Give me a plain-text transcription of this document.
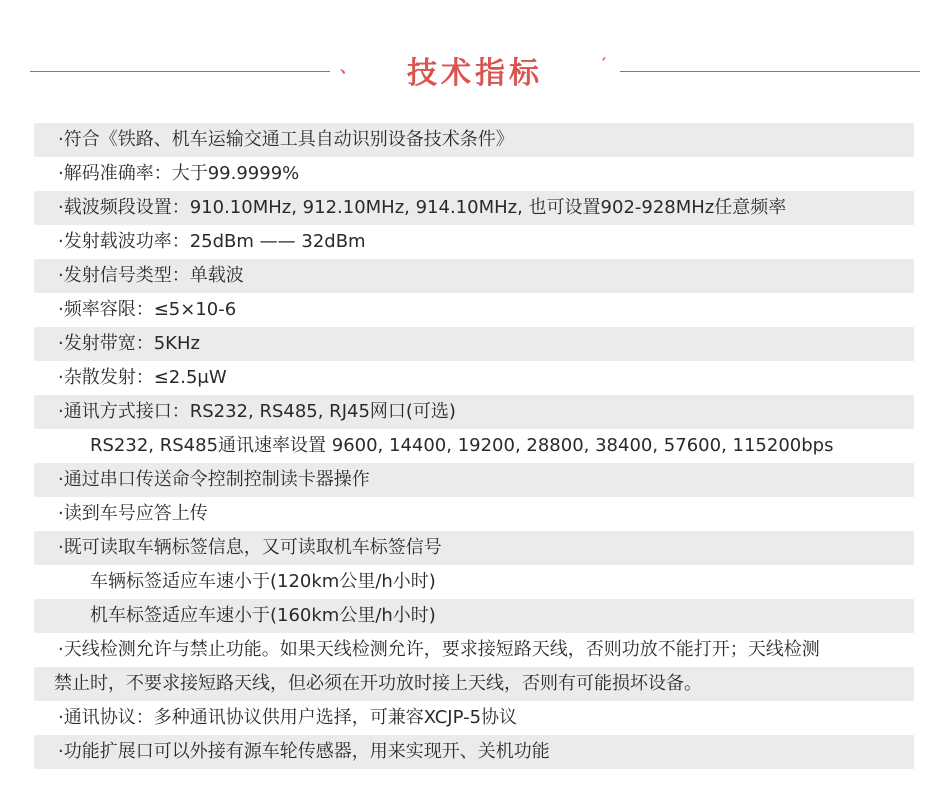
、	技术指标	′
·符合《铁路、机车运输交通工具自动识别设备技术条件》
·解码准确率：大于99.9999%
·载波频段设置：910.10MHz, 912.10MHz, 914.10MHz, 也可设置902-928MHz任意频率
·发射载波功率：25dBm —— 32dBm
·发射信号类型：单载波
·频率容限：≤5×10-6
·发射带宽：5KHz
·杂散发射：≤2.5μW
·通讯方式接口：RS232, RS485, RJ45网口(可选)
RS232, RS485通讯速率设置 9600, 14400, 19200, 28800, 38400, 57600, 115200bps
·通过串口传送命令控制控制读卡器操作
·读到车号应答上传
·既可读取车辆标签信息，又可读取机车标签信号
车辆标签适应车速小于(120km公里/h小时)
机车标签适应车速小于(160km公里/h小时)
·天线检测允许与禁止功能。如果天线检测允许，要求接短路天线，否则功放不能打开；天线检测
禁止时，不要求接短路天线，但必须在开功放时接上天线，否则有可能损坏设备。
·通讯协议：多种通讯协议供用户选择，可兼容XCJP-5协议
·功能扩展口可以外接有源车轮传感器，用来实现开、关机功能
